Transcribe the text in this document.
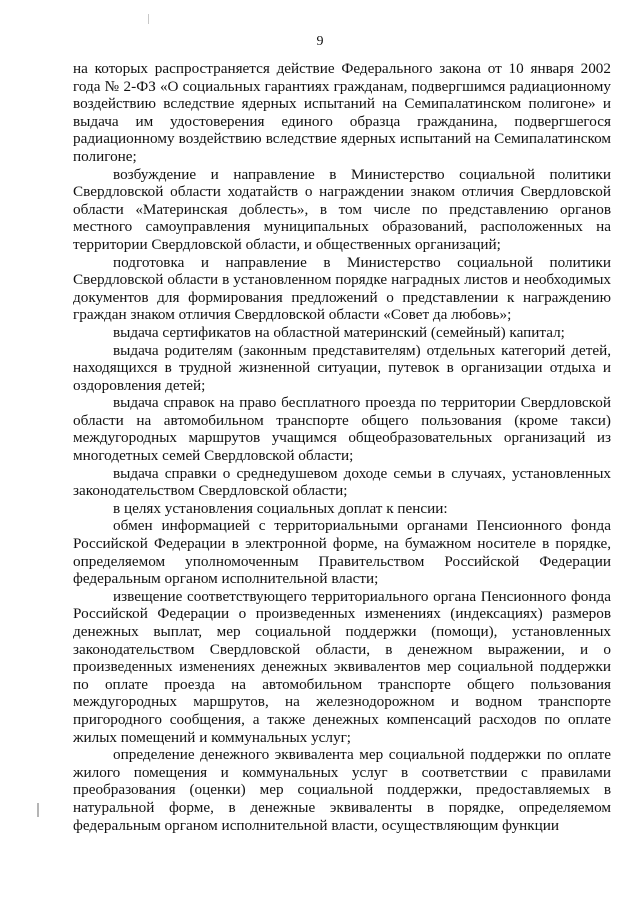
9

на которых распространяется действие Федерального закона от 10 января 2002 года № 2-ФЗ «О социальных гарантиях гражданам, подвергшимся радиационному воздействию вследствие ядерных испытаний на Семипалатинском полигоне» и выдача им удостоверения единого образца гражданина, подвергшегося радиационному воздействию вследствие ядерных испытаний на Семипалатинском полигоне;

возбуждение и направление в Министерство социальной политики Свердловской области ходатайств о награждении знаком отличия Свердловской области «Материнская доблесть», в том числе по представлению органов местного самоуправления муниципальных образований, расположенных на территории Свердловской области, и общественных организаций;

подготовка и направление в Министерство социальной политики Свердловской области в установленном порядке наградных листов и необходимых документов для формирования предложений о представлении к награждению граждан знаком отличия Свердловской области «Совет да любовь»;

выдача сертификатов на областной материнский (семейный) капитал;

выдача родителям (законным представителям) отдельных категорий детей, находящихся в трудной жизненной ситуации, путевок в организации отдыха и оздоровления детей;

выдача справок на право бесплатного проезда по территории Свердловской области на автомобильном транспорте общего пользования (кроме такси) междугородных маршрутов учащимся общеобразовательных организаций из многодетных семей Свердловской области;

выдача справки о среднедушевом доходе семьи в случаях, установленных законодательством Свердловской области;

в целях установления социальных доплат к пенсии:

обмен информацией с территориальными органами Пенсионного фонда Российской Федерации в электронной форме, на бумажном носителе в порядке, определяемом уполномоченным Правительством Российской Федерации федеральным органом исполнительной власти;

извещение соответствующего территориального органа Пенсионного фонда Российской Федерации о произведенных изменениях (индексациях) размеров денежных выплат, мер социальной поддержки (помощи), установленных законодательством Свердловской области, в денежном выражении, и о произведенных изменениях денежных эквивалентов мер социальной поддержки по оплате проезда на автомобильном транспорте общего пользования междугородных маршрутов, на железнодорожном и водном транспорте пригородного сообщения, а также денежных компенсаций расходов по оплате жилых помещений и коммунальных услуг;

определение денежного эквивалента мер социальной поддержки по оплате жилого помещения и коммунальных услуг в соответствии с правилами преобразования (оценки) мер социальной поддержки, предоставляемых в натуральной форме, в денежные эквиваленты в порядке, определяемом федеральным органом исполнительной власти, осуществляющим функции
